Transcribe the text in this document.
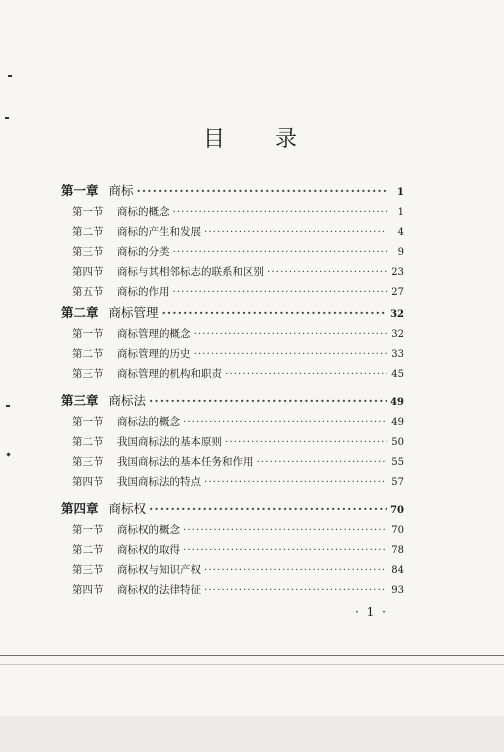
目 录
第一章 商标 ·····	1
第一节	商标的概念 ·····	1
第二节	商标的产生和发展 ·····	4
第三节	商标的分类 ·····	9
第四节	商标与其相邻标志的联系和区别 ·····	23
第五节	商标的作用 ·····	27
第二章 商标管理 ·····	32
第一节	商标管理的概念 ·····	32
第二节	商标管理的历史 ·····	33
第三节	商标管理的机构和职责 ·····	45
第三章 商标法 ·····	49
第一节	商标法的概念 ·····	49
第二节	我国商标法的基本原则 ·····	50
第三节	我国商标法的基本任务和作用 ·····	55
第四节	我国商标法的特点 ·····	57
第四章 商标权 ·····	70
第一节	商标权的概念 ·····	70
第二节	商标权的取得 ·····	78
第三节	商标权与知识产权 ·····	84
第四节	商标权的法律特征 ·····	93
· 1 ·
